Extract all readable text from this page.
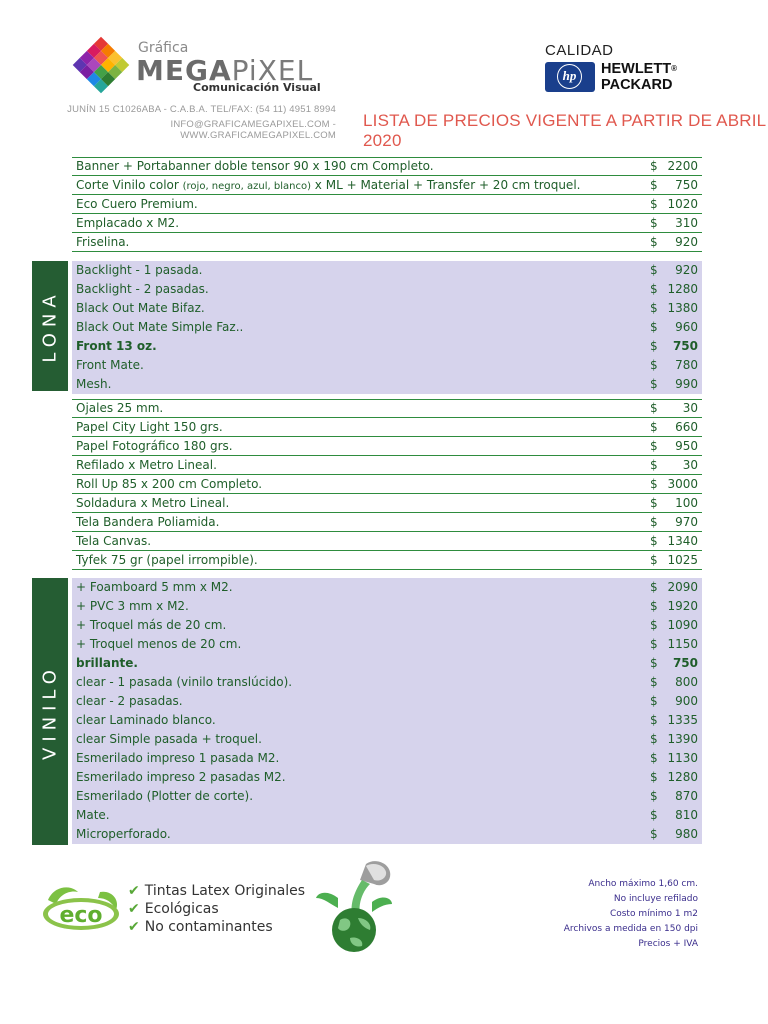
Gráfica
MEGAPiXEL
Comunicación Visual
JUNÍN 15 C1026ABA - C.A.B.A. TEL/FAX: (54 11) 4951 8994
INFO@GRAFICAMEGAPIXEL.COM - WWW.GRAFICAMEGAPIXEL.COM
CALIDAD
hp	HEWLETT®
PACKARD
LISTA DE PRECIOS VIGENTE A PARTIR DE ABRIL 2020
Banner + Portabanner doble tensor 90 x 190 cm Completo.	$ 2200
Corte Vinilo color (rojo, negro, azul, blanco) x ML + Material + Transfer + 20 cm troquel.	$ 750
Eco Cuero Premium.	$ 1020
Emplacado x M2.	$ 310
Friselina.	$ 920
Backlight - 1 pasada.	$ 920
Backlight - 2 pasadas.	$ 1280
Black Out Mate Bifaz.	$ 1380
Black Out Mate Simple Faz..	$ 960
Front 13 oz.	$ 750
Front Mate.	$ 780
Mesh.	$ 990
Ojales 25 mm.	$ 30
Papel City Light 150 grs.	$ 660
Papel Fotográfico 180 grs.	$ 950
Refilado x Metro Lineal.	$ 30
Roll Up 85 x 200 cm Completo.	$ 3000
Soldadura x Metro Lineal.	$ 100
Tela Bandera Poliamida.	$ 970
Tela Canvas.	$ 1340
Tyfek 75 gr (papel irrompible).	$ 1025
+ Foamboard 5 mm x M2.	$ 2090
+ PVC 3 mm x M2.	$ 1920
+ Troquel más de 20 cm.	$ 1090
+ Troquel menos de 20 cm.	$ 1150
brillante.	$ 750
clear - 1 pasada (vinilo translúcido).	$ 800
clear - 2 pasadas.	$ 900
clear Laminado blanco.	$ 1335
clear Simple pasada + troquel.	$ 1390
Esmerilado impreso 1 pasada M2.	$ 1130
Esmerilado impreso 2 pasadas M2.	$ 1280
Esmerilado (Plotter de corte).	$ 870
Mate.	$ 810
Microperforado.	$ 980
LONA
VINILO
eco
✔ Tintas Latex Originales
✔ Ecológicas
✔ No contaminantes
Ancho máximo 1,60 cm.
No incluye refilado
Costo mínimo 1 m2
Archivos a medida en 150 dpi
Precios + IVA
